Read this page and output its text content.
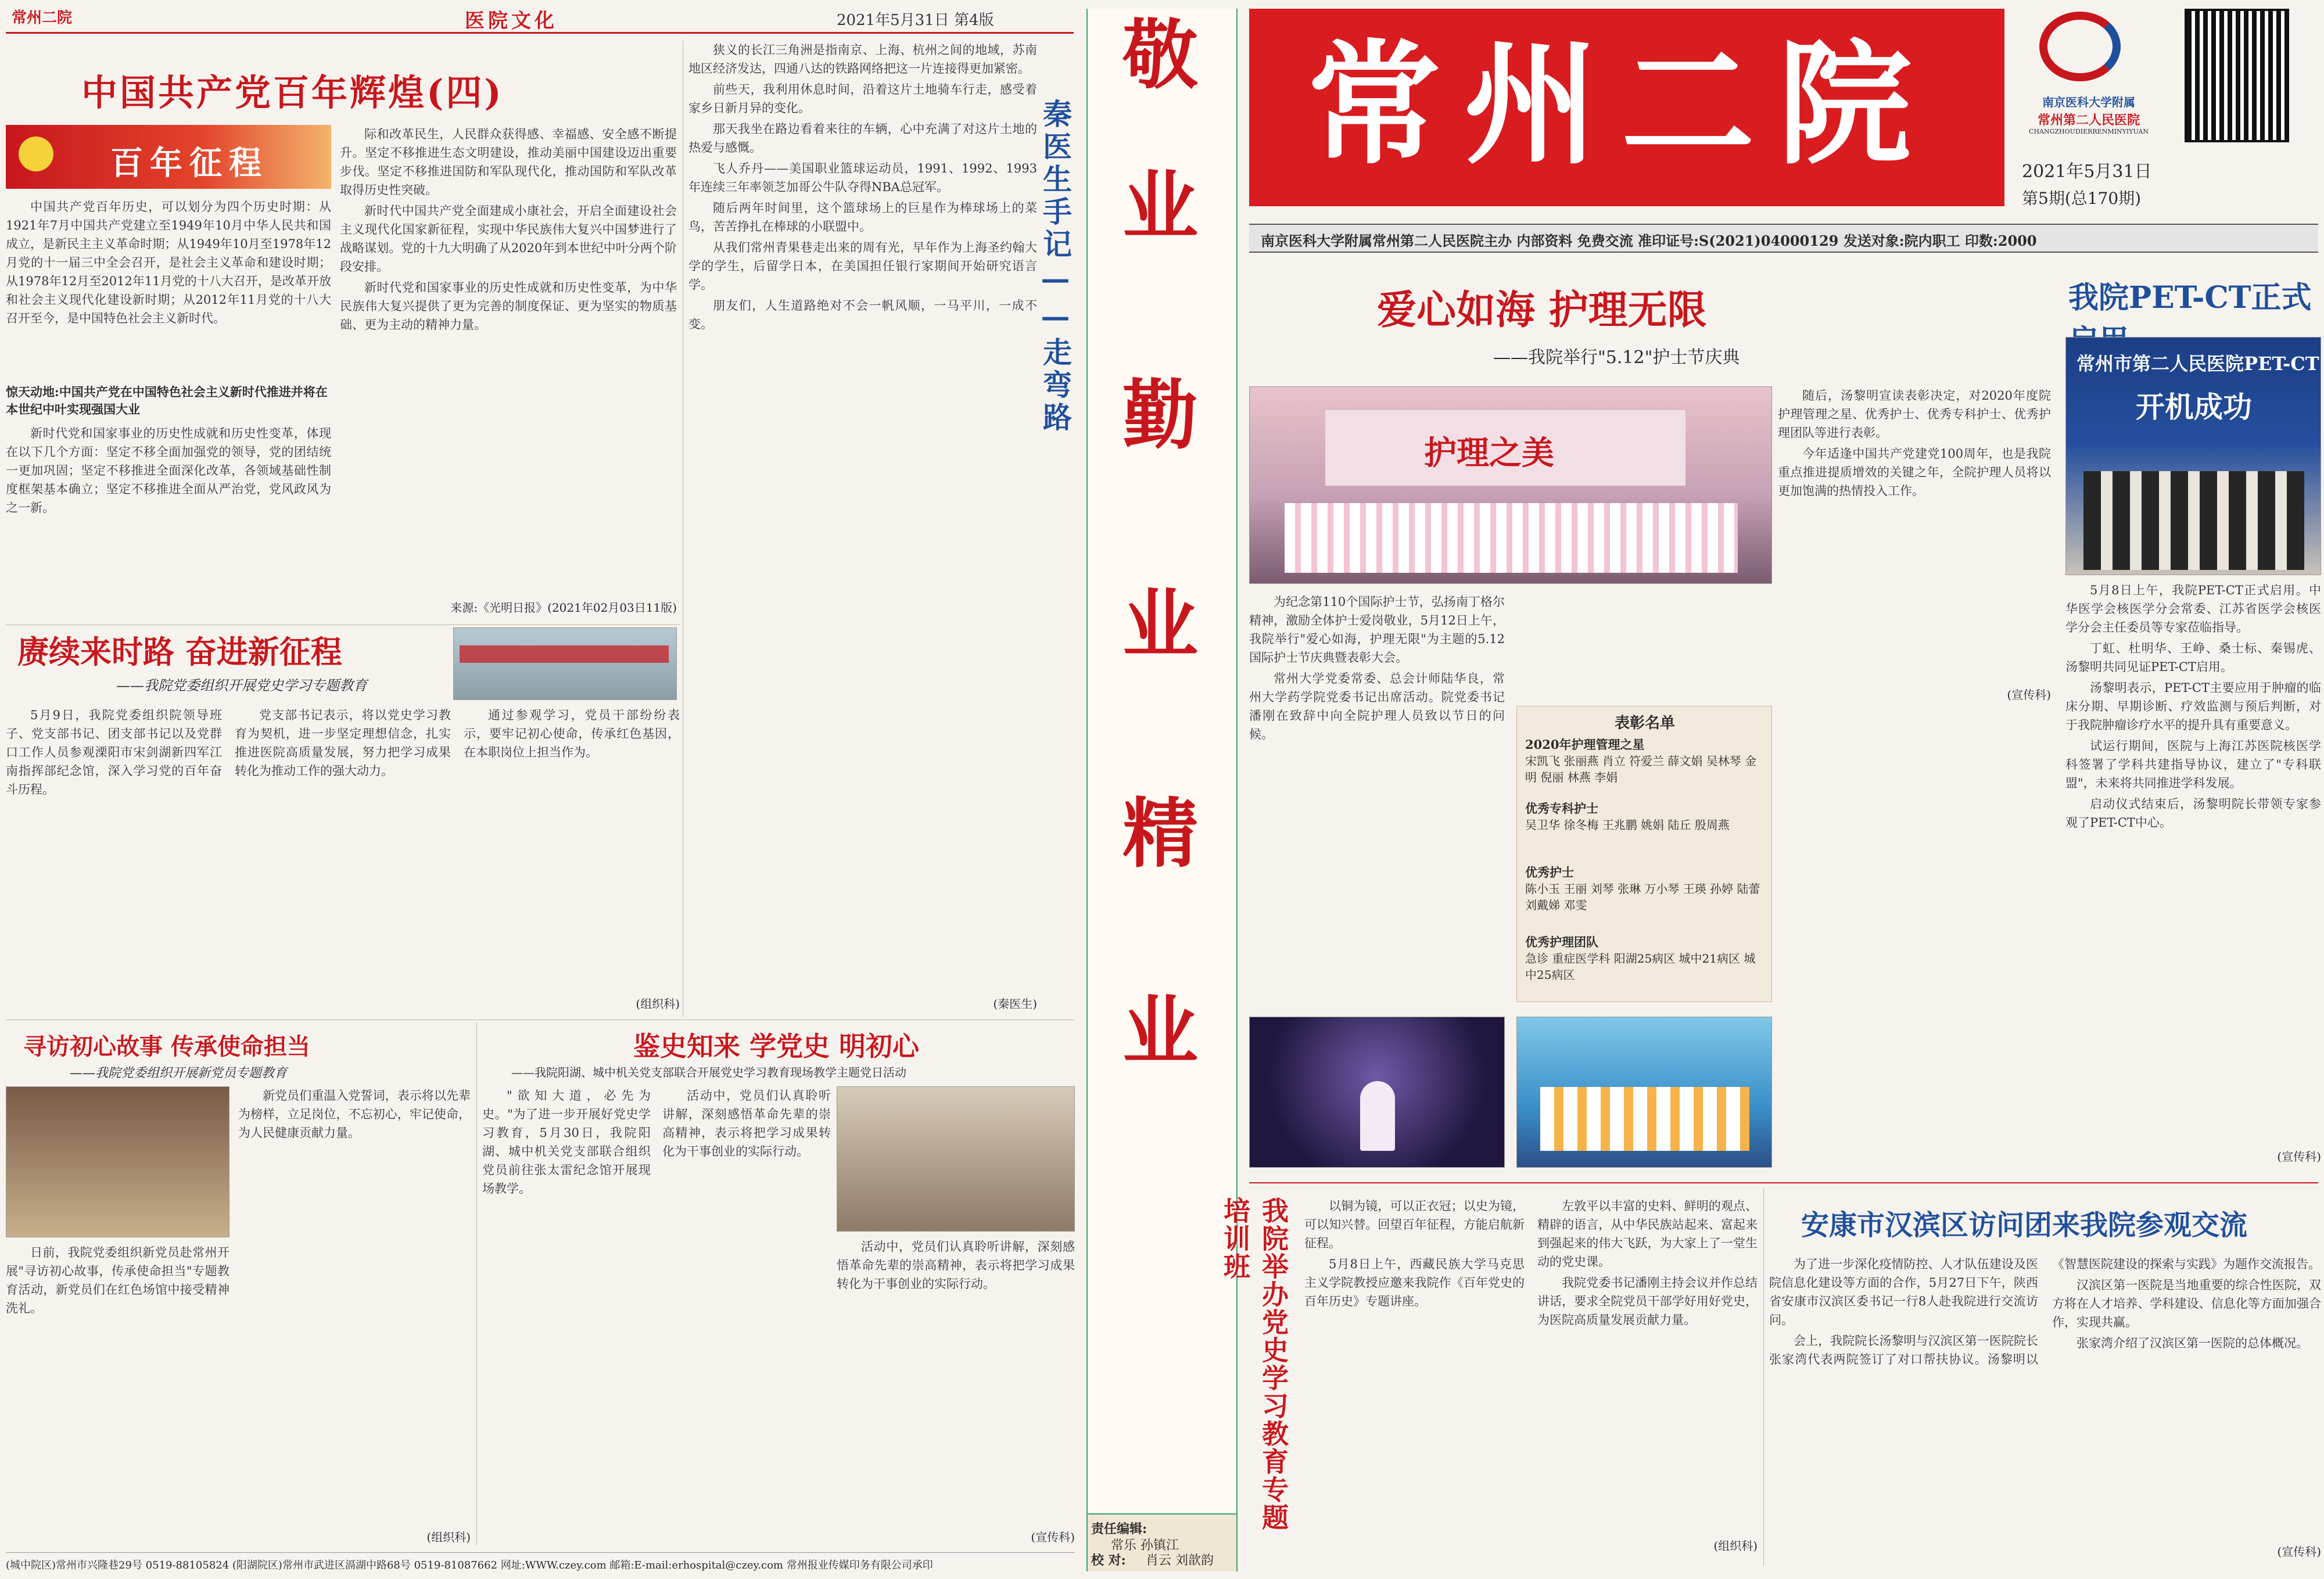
常州二院	医院文化	2021年5月31日 第4版
中国共产党百年辉煌(四)
百年征程

中国共产党百年历史，可以划分为四个历史时期：从1921年7月中国共产党建立至1949年10月中华人民共和国成立，是新民主主义革命时期；从1949年10月至1978年12月党的十一届三中全会召开，是社会主义革命和建设时期；从1978年12月至2012年11月党的十八大召开，是改革开放和社会主义现代化建设新时期；从2012年11月党的十八大召开至今，是中国特色社会主义新时代。

惊天动地:中国共产党在中国特色社会主义新时代推进并将在本世纪中叶实现强国大业

新时代党和国家事业的历史性成就和历史性变革，体现在以下几个方面：坚定不移全面加强党的领导，党的团结统一更加巩固；坚定不移推进全面深化改革，各领域基础性制度框架基本确立；坚定不移推进全面从严治党，党风政风为之一新。

际和改革民生，人民群众获得感、幸福感、安全感不断提升。坚定不移推进生态文明建设，推动美丽中国建设迈出重要步伐。坚定不移推进国防和军队现代化，推动国防和军队改革取得历史性突破。

新时代中国共产党全面建成小康社会，开启全面建设社会主义现代化国家新征程，实现中华民族伟大复兴中国梦进行了战略谋划。党的十九大明确了从2020年到本世纪中叶分两个阶段安排。

新时代党和国家事业的历史性成就和历史性变革，为中华民族伟大复兴提供了更为完善的制度保证、更为坚实的物质基础、更为主动的精神力量。

来源:《光明日报》(2021年02月03日11版)

狭义的长江三角洲是指南京、上海、杭州之间的地域，苏南地区经济发达，四通八达的铁路网络把这一片连接得更加紧密。

前些天，我利用休息时间，沿着这片土地骑车行走，感受着家乡日新月异的变化。

那天我坐在路边看着来往的车辆，心中充满了对这片土地的热爱与感慨。

飞人乔丹——美国职业篮球运动员，1991、1992、1993年连续三年率领芝加哥公牛队夺得NBA总冠军。

随后两年时间里，这个篮球场上的巨星作为棒球场上的菜鸟，苦苦挣扎在棒球的小联盟中。

从我们常州青果巷走出来的周有光，早年作为上海圣约翰大学的学生，后留学日本，在美国担任银行家期间开始研究语言学。

朋友们，人生道路绝对不会一帆风顺，一马平川，一成不变。

(秦医生)
秦医生手记——走弯路
赓续来时路 奋进新征程
——我院党委组织开展党史学习专题教育

5月9日，我院党委组织院领导班子、党支部书记、团支部书记以及党群口工作人员参观溧阳市宋剑湖新四军江南指挥部纪念馆，深入学习党的百年奋斗历程。

党支部书记表示，将以党史学习教育为契机，进一步坚定理想信念，扎实推进医院高质量发展，努力把学习成果转化为推动工作的强大动力。

通过参观学习，党员干部纷纷表示，要牢记初心使命，传承红色基因，在本职岗位上担当作为。

(组织科)
寻访初心故事 传承使命担当
——我院党委组织开展新党员专题教育

日前，我院党委组织新党员赴常州开展"寻访初心故事，传承使命担当"专题教育活动，新党员们在红色场馆中接受精神洗礼。

新党员们重温入党誓词，表示将以先辈为榜样，立足岗位，不忘初心，牢记使命，为人民健康贡献力量。

(组织科)
鉴史知来 学党史 明初心
——我院阳湖、城中机关党支部联合开展党史学习教育现场教学主题党日活动

"欲知大道，必先为史。"为了进一步开展好党史学习教育，5月30日，我院阳湖、城中机关党支部联合组织党员前往张太雷纪念馆开展现场教学。

活动中，党员们认真聆听讲解，深刻感悟革命先辈的崇高精神，表示将把学习成果转化为干事创业的实际行动。

活动中，党员们认真聆听讲解，深刻感悟革命先辈的崇高精神，表示将把学习成果转化为干事创业的实际行动。

(宣传科)
(城中院区)常州市兴隆巷29号 0519-88105824 (阳湖院区)常州市武进区滆湖中路68号 0519-81087662 网址:WWW.czey.com 邮箱:E-mail:erhospital@czey.com 常州报业传媒印务有限公司承印
敬
业
勤
业
精
业
责任编辑:
常乐 孙镇江
校 对: 肖云 刘歆韵
常州二院	南京医科大学附属
常州第二人民医院
CHANGZHOUDIERRENMINYIYUAN
2021年5月31日
第5期(总170期)
南京医科大学附属常州第二人民医院主办 内部资料 免费交流 准印证号:S(2021)04000129 发送对象:院内职工 印数:2000
爱心如海 护理无限
——我院举行"5.12"护士节庆典
护理之美

随后，汤黎明宣读表彰决定，对2020年度院护理管理之星、优秀护士、优秀专科护士、优秀护理团队等进行表彰。

今年适逢中国共产党建党100周年，也是我院重点推进提质增效的关键之年，全院护理人员将以更加饱满的热情投入工作。

(宣传科)

为纪念第110个国际护士节，弘扬南丁格尔精神，激励全体护士爱岗敬业，5月12日上午，我院举行"爱心如海，护理无限"为主题的5.12国际护士节庆典暨表彰大会。

常州大学党委常委、总会计师陆华良，常州大学药学院党委书记出席活动。院党委书记潘刚在致辞中向全院护理人员致以节日的问候。

表彰名单
2020年护理管理之星
宋凯飞 张丽燕 肖立 符爱兰 薛文娟 吴林琴 金明 倪丽 林燕 李娟
优秀专科护士
吴卫华 徐冬梅 王兆鹏 姚娟 陆丘 殷周燕
优秀护士
陈小玉 王丽 刘琴 张琳 万小琴 王瑛 孙婷 陆蕾 刘戴娣 邓雯
优秀护理团队
急诊 重症医学科 阳湖25病区 城中21病区 城中25病区
我院PET-CT正式
常州市第二人民医院PET-CT
开机成功

5月8日上午，我院PET-CT正式启用。中华医学会核医学分会常委、江苏省医学会核医学分会主任委员等专家莅临指导。

丁虹、杜明华、王峥、桑士标、秦锡虎、汤黎明共同见证PET-CT启用。

汤黎明表示，PET-CT主要应用于肿瘤的临床分期、早期诊断、疗效监测与预后判断，对于我院肿瘤诊疗水平的提升具有重要意义。

试运行期间，医院与上海江苏医院核医学科签署了学科共建指导协议，建立了"专科联盟"，未来将共同推进学科发展。

启动仪式结束后，汤黎明院长带领专家参观了PET-CT中心。

(宣传科)
我院举办党史学习教育专题培训班	以铜为镜，可以正衣冠；以史为镜，可以知兴替。回望百年征程，方能启航新征程。

5月8日上午，西藏民族大学马克思主义学院教授应邀来我院作《百年党史的百年历史》专题讲座。

左敦平以丰富的史料、鲜明的观点、精辟的语言，从中华民族站起来、富起来到强起来的伟大飞跃，为大家上了一堂生动的党史课。

我院党委书记潘刚主持会议并作总结讲话，要求全院党员干部学好用好党史，为医院高质量发展贡献力量。

(组织科)
安康市汉滨区访问团来我院参观交流

为了进一步深化疫情防控、人才队伍建设及医院信息化建设等方面的合作，5月27日下午，陕西省安康市汉滨区委书记一行8人赴我院进行交流访问。

会上，我院院长汤黎明与汉滨区第一医院院长张家湾代表两院签订了对口帮扶协议。汤黎明以《智慧医院建设的探索与实践》为题作交流报告。

汉滨区第一医院是当地重要的综合性医院，双方将在人才培养、学科建设、信息化等方面加强合作，实现共赢。

张家湾介绍了汉滨区第一医院的总体概况。

(宣传科)
